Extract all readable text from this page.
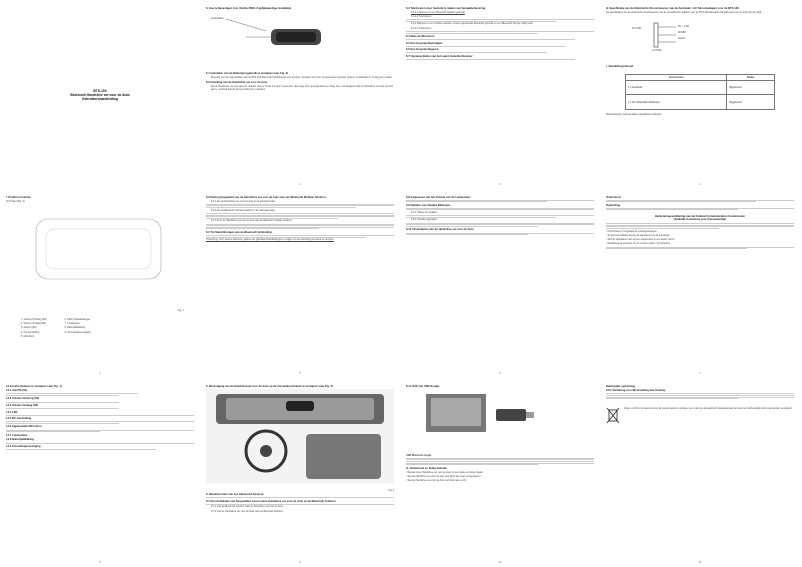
6. Hoe te Bevestigen (n.b. Notitie 3690 of gelijkwaardige installatie)
Autolader
6.1 Gebruiker van de Batterijen (gebruik te verwijzen naar Fig. 2)
Bevestig voor het aanschaffen van de BTS-100 Bluetooth Handsfreekit voor de Auto. Voordat u het voor de eerste keer gebruikt, gelieve nu batterijen.U zo lang op te laden.
6.2 Instelling van de Handsfree set voor de Auto
Als de Handsfree set voor de Auto uitstaat, druk en houd 3-1 voor 3 seconden. Een lage toon, gevolgd door een hoge toon, zal aangeven dat de Handsfree set voor de Auto aan is. Gebruik dan de Groene LED om te wachten.
2
6.3 Telefoneren door Gebruik te maken van Spraakherkenning:
6.3.1.1 Wanneer U een Bluetooth telefoon gebruikt
6.3.1.2 Telefoneren
6.3.2 Wanneer U een mobiele telefoon zonder ingebouwde Bluetooth gebruikt en een Bluetooth Dongle nodig heeft
6.3.2.1 Telefoneren
6.4 Mute de Microfoon
6.5 Een Gesprek Beëindigen:
6.6 Een Gesprek Negeren
6.7 Opnieuw Bellen van het Laatst Gebelde Nummer:
3
H. Specificatie van de Elektrische Stroomtoevoer van de Autolader / AC Stroomadapter voor de BTS-100
De specificaties van de elektrische stroomtoevoer van de autolader/AC adapter voor de BTS-100 Bluetooth Handsfreekit voor de Auto zijn als volgt:
5V ~ 1.5A
20 MM
Grond
17.5 Mm
11.5 Mm
I. Verpakkingsinhoud
Accessoires	Status
1 x Autolader	Bijgeleverd
2 x AA Oplaadbare Batterijen	Bijgeleverd
Waarschuwing: Gebruik alleen oplaadbare batterijen.
4
BTS-100
Bluetooth Handsfree set voor de Auto
Gebruikershandleiding
I. Profiel en Functie
(1) Profiel (Fig. 1)
Fig. 1
1. Volume Omhoog (B1)
2. Volume Omlaag (B2)
3. Aan/Uit (B1)
4. DC Aansluiting
5. Microfoon
6. LED (Indicatielampje)
7. Luidspreker
8. Batterijafdekking
9. Zonneklepbevestiging
1
6.2 Pairing (koppelen) van de Handsfree set voor de Auto met een Bluetooth Mobiele Telefoon.
6.2.1 Zet de Handsfree set voor de Auto in de pairingsmodus
6.2.2 Zet de Bluetooth mobiele telefoon in de pairingsmodus
6.2.3 Fout de Handsfree set voor de Auto aan de Bluetooth mobiele telefoon
6.3 Tot Stand Brengen van de Bluetooth Verbinding:
Opmerking: Voor andere telefoons, gelieve het gebruikershandleidingen te volgen om de verbinding tot stand te brengen.
5
6.8 Aanpassen van het Volume van de Luidspreker
6.9 Opladen van Zwakke Batterijen
6.9.1 Tijdens het opladen
6.9.2 Volledig opgeladen
6.10 Uitschakelen van de Handsfree set voor de Auto
6
Onderhoud
Opmerking
Herkenningsverklaring van de Federal Communication Commission
(Federale Commissie voor Communicatie)
- Heroriënteer of verplaats de ontvangstantenne.
- Vergroot de afstand tussen de apparatuur en de ontvanger.
- Sluit de apparatuur aan op een stopcontact in een ander circuit.
- Raadpleeg de verkoper of een ervaren radio / TV-technicus.
7
L2 Functie (Gelieve te verwijzen naar Fig. 1)
L2.1 Aan/Uit (S1)
L2.2 Volume Omhoog (S2)
L2.3 Volume Omlaag (S3)
L2.4 LED
L2.5 DC Aansluiting
L2.6 Ingebouwde Microfoon
L2.7 Luidspreker
L2.8 Batterijafdekking
L2.9 Zonneklepbevestiging
8
5. Bevestiging van de Handsfreeset voor de Auto op de Zonneklep (Gelieve te verwijzen naar Fig. 3)
Fig.3
6. Beantwoorden van een Inkomend Gesprek
6.7 Doorschakelen van Gesprekken tussen deze Handsfree set voor de Auto en de Bluetooth Telefoon
V.7.1 Van de Bluetooth telefoon naar de Handsfree set voor de Auto:
V.7.2 Van de Handsfree set voor de Auto naar de Bluetooth telefoon:
9
6.11 VoIP met USB Dongle
USB Bluetooth dongle
G. Onderhoud en Veilig Gebruik
- Bewaar deze Handsfree set voor de Auto op een koele en droge plaats.
- Stel de Handsfree set voor de Auto niet bloot aan hoge temperaturen.
- Stel de Handsfree set voor de Auto niet bloot aan vocht.
10
Belangrijke opmerking
FCC Verklaring voor Blootstelling aan Straling:
Indien u zich in de toekomst van dit toestel wenst te ontdoen, let er dan op dat elektrisch afvalmateriaal niet met het huishoudelijk afval mag worden verwijderd.
11
